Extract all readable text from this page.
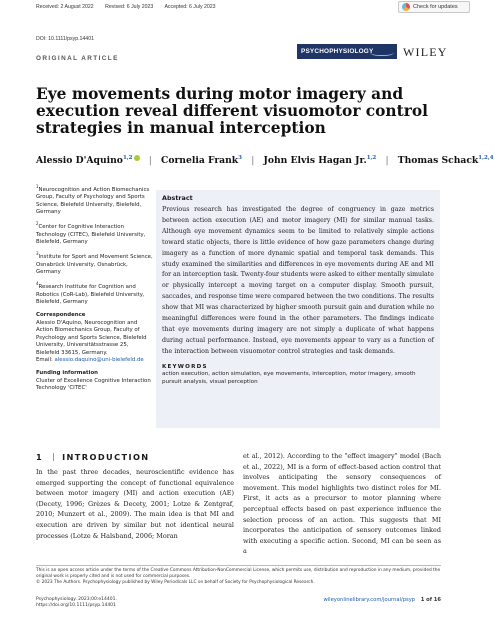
Received: 2 August 2022 Revised: 6 July 2023 Accepted: 6 July 2023	Check for updates
DOI: 10.1111/psyp.14401
ORIGINAL ARTICLE
PSYCHOPHYSIOLOGY WILEY
Eye movements during motor imagery and execution reveal different visuomotor control strategies in manual interception
Alessio D'Aquino$^{1,2}$ | Cornelia Frank$^3$ | John Elvis Hagan Jr.$^{1,2}$ | Thomas Schack$^{1,2,4}$
$^1$Neurocognition and Action Biomechanics Group, Faculty of Psychology and Sports Science, Bielefeld University, Bielefeld, Germany
$^2$Center for Cognitive Interaction Technology (CITEC), Bielefeld University, Bielefeld, Germany
$^3$Institute for Sport and Movement Science, Osnabrück University, Osnabrück, Germany
$^4$Research Institute for Cognition and Robotics (CoR-Lab), Bielefeld University, Bielefeld, Germany
Correspondence
Alessio D'Aquino, Neurocognition and Action Biomechanics Group, Faculty of Psychology and Sports Science, Bielefeld University, Universitätsstrasse 25, Bielefeld 33615, Germany.
Email: alessio.daquino@uni-bielefeld.de
Funding information
Cluster of Excellence Cognitive Interaction Technology 'CITEC'
Abstract
Previous research has investigated the degree of congruency in gaze metrics between action execution (AE) and motor imagery (MI) for similar manual tasks. Although eye movement dynamics seem to be limited to relatively simple actions toward static objects, there is little evidence of how gaze parameters change during imagery as a function of more dynamic spatial and temporal task demands. This study examined the similarities and differences in eye movements during AE and MI for an interception task. Twenty-four students were asked to either mentally simulate or physically intercept a moving target on a computer display. Smooth pursuit, saccades, and response time were compared between the two conditions. The results show that MI was characterized by higher smooth pursuit gain and duration while no meaningful differences were found in the other parameters. The findings indicate that eye movements during imagery are not simply a duplicate of what happens during actual performance. Instead, eye movements appear to vary as a function of the interaction between visuomotor control strategies and task demands.
KEYWORDS
action execution, action simulation, eye movements, interception, motor imagery, smooth pursuit analysis, visual perception
1 INTRODUCTION
In the past three decades, neuroscientific evidence has emerged supporting the concept of functional equivalence between motor imagery (MI) and action execution (AE) (Decety, 1996; Grèzes & Decety, 2001; Lotze & Zentgraf, 2010; Munzert et al., 2009). The main idea is that MI and execution are driven by similar but not identical neural processes (Lotze & Halsband, 2006; Moran
et al., 2012). According to the "effect imagery" model (Bach et al., 2022), MI is a form of effect-based action control that involves anticipating the sensory consequences of movement. This model highlights two distinct roles for MI. First, it acts as a precursor to motor planning where perceptual effects based on past experience influence the selection process of an action. This suggests that MI incorporates the anticipation of sensory outcomes linked with executing a specific action. Second, MI can be seen as a
This is an open access article under the terms of the Creative Commons Attribution-NonCommercial License, which permits use, distribution and reproduction in any medium, provided the original work is properly cited and is not used for commercial purposes.
© 2023 The Authors. Psychophysiology published by Wiley Periodicals LLC on behalf of Society for Psychophysiological Research.
Psychophysiology. 2023;00:e14401.
https://doi.org/10.1111/psyp.14401
wileyonlinelibrary.com/journal/psyp 1 of 16
